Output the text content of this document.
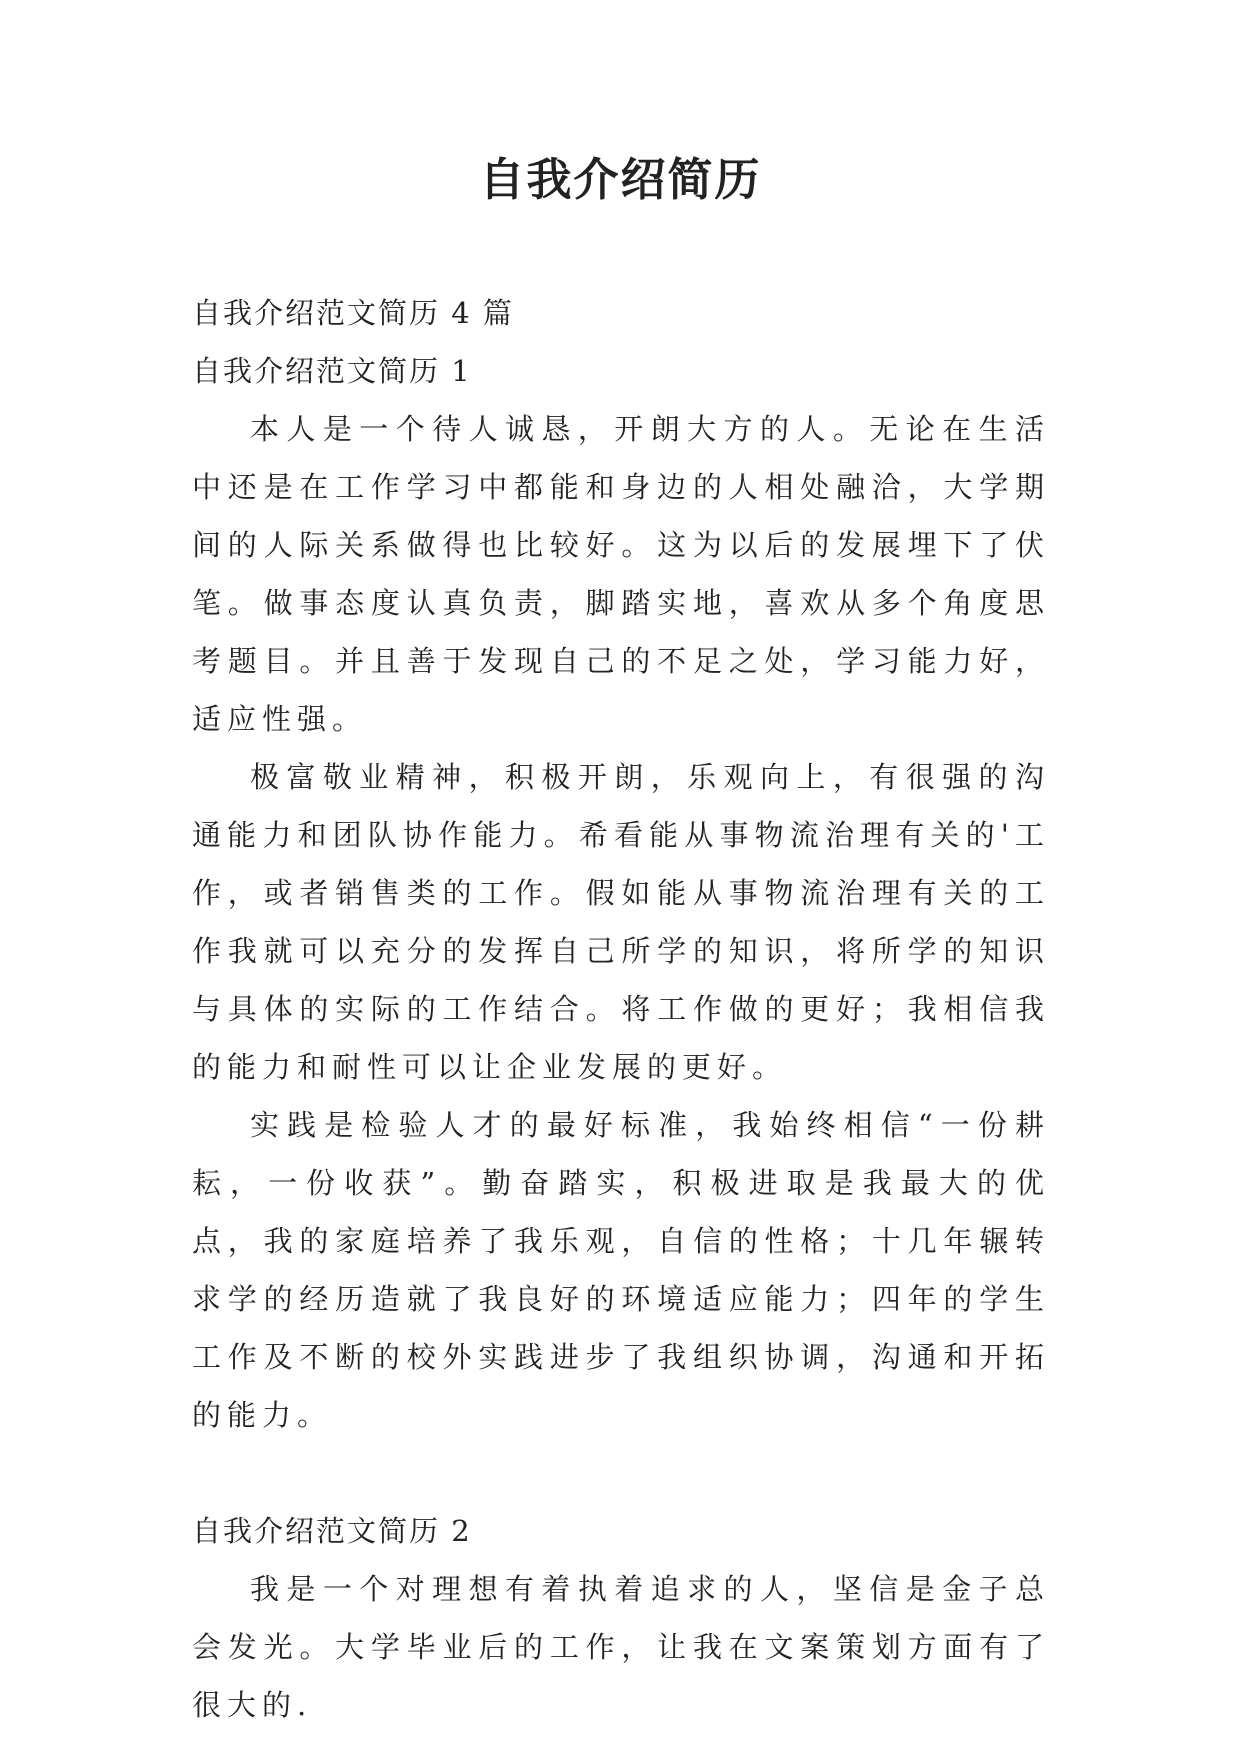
自我介绍简历

自我介绍范文简历 4 篇

自我介绍范文简历 1

本人是一个待人诚恳，开朗大方的人。无论在生活中还是在工作学习中都能和身边的人相处融洽，大学期间的人际关系做得也比较好。这为以后的发展埋下了伏笔。做事态度认真负责，脚踏实地，喜欢从多个角度思考题目。并且善于发现自己的不足之处，学习能力好，适应性强。

极富敬业精神，积极开朗，乐观向上，有很强的沟通能力和团队协作能力。希看能从事物流治理有关的'工作，或者销售类的工作。假如能从事物流治理有关的工作我就可以充分的发挥自己所学的知识，将所学的知识与具体的实际的工作结合。将工作做的更好；我相信我的能力和耐性可以让企业发展的更好。

实践是检验人才的最好标准，我始终相信“一份耕耘，一份收获”。勤奋踏实，积极进取是我最大的优点，我的家庭培养了我乐观，自信的性格；十几年辗转求学的经历造就了我良好的环境适应能力；四年的学生工作及不断的校外实践进步了我组织协调，沟通和开拓的能力。

自我介绍范文简历 2

我是一个对理想有着执着追求的人，坚信是金子总会发光。大学毕业后的工作，让我在文案策划方面有了很大的.
